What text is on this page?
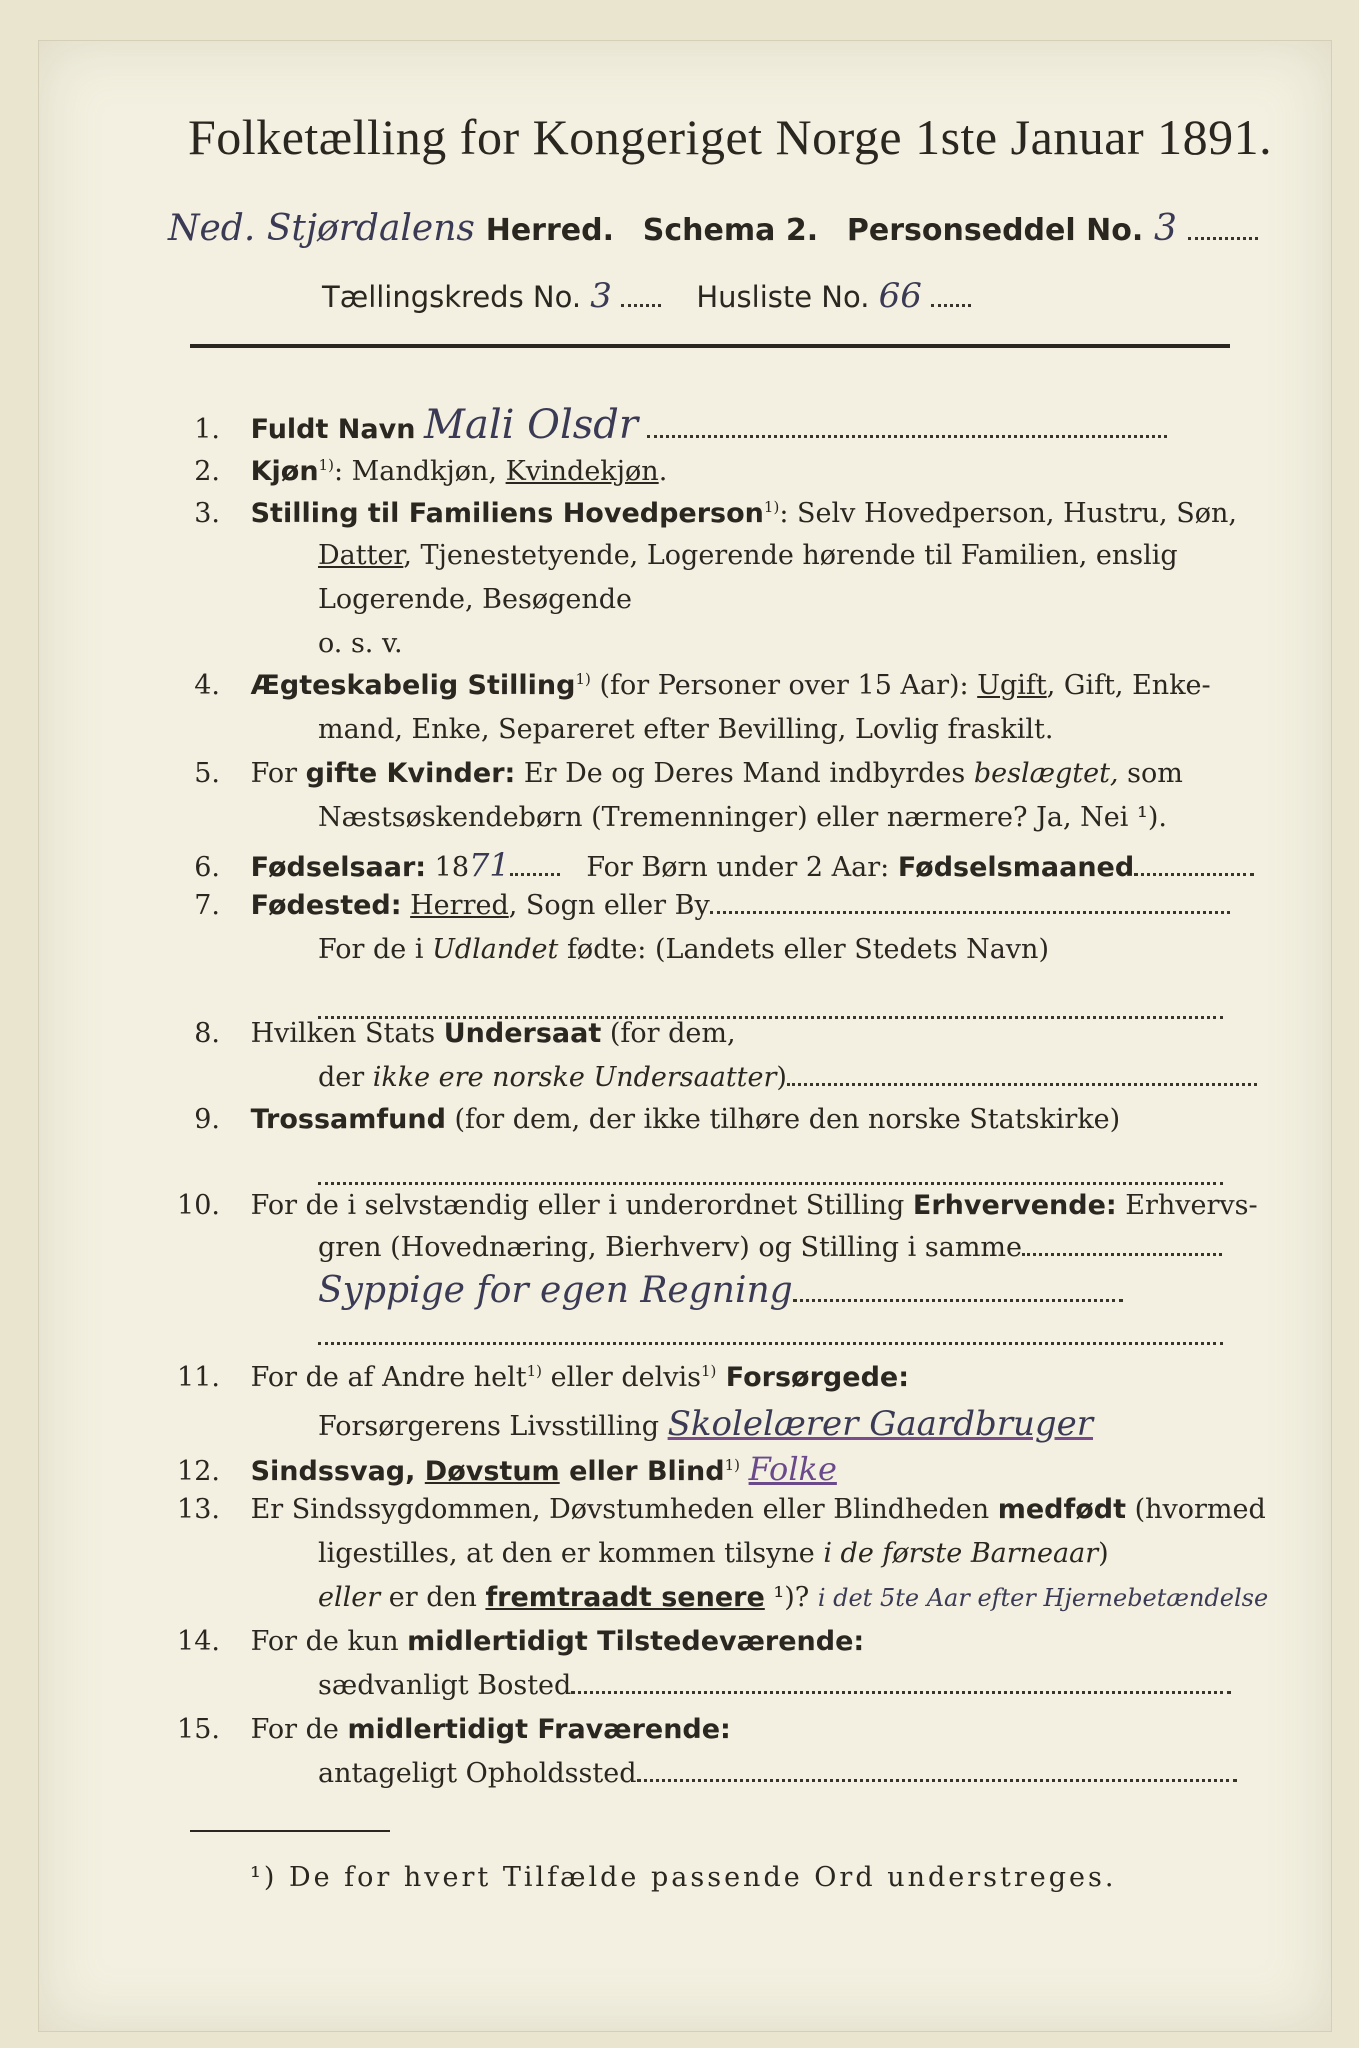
Folketælling for Kongeriget Norge 1ste Januar 1891.
Ned. Stjørdalens Herred. Schema 2. Personseddel No. 3
Tællingskreds No. 3	Husliste No. 66
1. Fuldt Navn Mali Olsdr
2. Kjøn$^{1)}$: Mandkjøn, Kvindekjøn.
3. Stilling til Familiens Hovedperson$^{1)}$: Selv Hovedperson, Hustru, Søn,
Datter, Tjenestetyende, Logerende hørende til Familien, enslig
Logerende, Besøgende
o. s. v.
4. Ægteskabelig Stilling$^{1)}$ (for Personer over 15 Aar): Ugift, Gift, Enke-
mand, Enke, Separeret efter Bevilling, Lovlig fraskilt.
5. For gifte Kvinder: Er De og Deres Mand indbyrdes beslægtet, som
Næstsøskendebørn (Tremenninger) eller nærmere? Ja, Nei ¹).
6. Fødselsaar: 1871	For Børn under 2 Aar: Fødselsmaaned
7. Fødested: Herred, Sogn eller By
For de i Udlandet fødte: (Landets eller Stedets Navn)
8. Hvilken Stats Undersaat (for dem,
der ikke ere norske Undersaatter)
9. Trossamfund (for dem, der ikke tilhøre den norske Statskirke)
10. For de i selvstændig eller i underordnet Stilling Erhvervende: Erhvervs-
gren (Hovednæring, Bierhverv) og Stilling i samme
Syppige for egen Regning
11. For de af Andre helt$^{1)}$ eller delvis$^{1)}$ Forsørgede:
Forsørgerens Livsstilling Skolelærer Gaardbruger
12. Sindssvag, Døvstum eller Blind$^{1)}$ Folke
13. Er Sindssygdommen, Døvstumheden eller Blindheden medfødt (hvormed
ligestilles, at den er kommen tilsyne i de første Barneaar)
eller er den fremtraadt senere ¹)? i det 5te Aar efter Hjernebetændelse
14. For de kun midlertidigt Tilstedeværende:
sædvanligt Bosted
15. For de midlertidigt Fraværende:
antageligt Opholdssted
¹) De for hvert Tilfælde passende Ord understreges.
